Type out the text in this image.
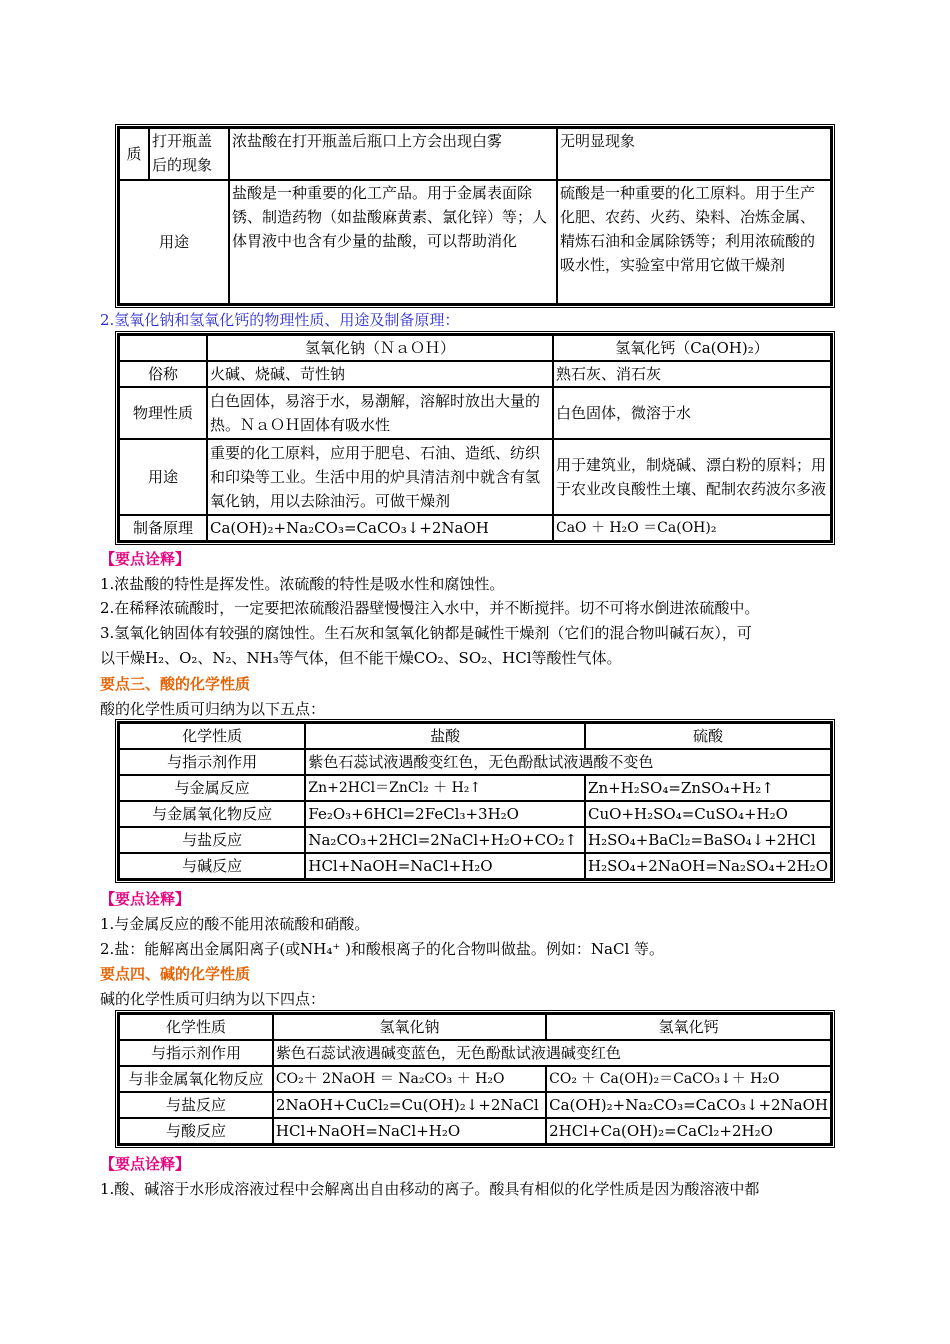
质	打开瓶盖后的现象	浓盐酸在打开瓶盖后瓶口上方会出现白雾	无明显现象
用途		盐酸是一种重要的化工产品。用于金属表面除锈、制造药物（如盐酸麻黄素、氯化锌）等；人体胃液中也含有少量的盐酸，可以帮助消化	硫酸是一种重要的化工原料。用于生产化肥、农药、火药、染料、冶炼金属、精炼石油和金属除锈等；利用浓硫酸的吸水性，实验室中常用它做干燥剂
2.氢氧化钠和氢氧化钙的物理性质、用途及制备原理：
	氢氧化钠（ＮａＯＨ）	氢氧化钙（Ca(OH)₂）
俗称	火碱、烧碱、苛性钠	熟石灰、消石灰
物理性质	白色固体，易溶于水，易潮解，溶解时放出大量的热。ＮａＯＨ固体有吸水性	白色固体，微溶于水
用途	重要的化工原料，应用于肥皂、石油、造纸、纺织和印染等工业。生活中用的炉具清洁剂中就含有氢氧化钠，用以去除油污。可做干燥剂	用于建筑业，制烧碱、漂白粉的原料；用于农业改良酸性土壤、配制农药波尔多液
制备原理	Ca(OH)₂+Na₂CO₃=CaCO₃↓+2NaOH	CaO ＋ H₂O ＝Ca(OH)₂
【要点诠释】
1.浓盐酸的特性是挥发性。浓硫酸的特性是吸水性和腐蚀性。
2.在稀释浓硫酸时，一定要把浓硫酸沿器壁慢慢注入水中，并不断搅拌。切不可将水倒进浓硫酸中。
3.氢氧化钠固体有较强的腐蚀性。生石灰和氢氧化钠都是碱性干燥剂（它们的混合物叫碱石灰），可
以干燥H₂、O₂、N₂、NH₃等气体，但不能干燥CO₂、SO₂、HCl等酸性气体。
要点三、酸的化学性质
酸的化学性质可归纳为以下五点：
化学性质	盐酸	硫酸
与指示剂作用	紫色石蕊试液遇酸变红色，无色酚酞试液遇酸不变色	
与金属反应	Zn+2HCl＝ZnCl₂ ＋ H₂↑	Zn+H₂SO₄=ZnSO₄+H₂↑
与金属氧化物反应	Fe₂O₃+6HCl=2FeCl₃+3H₂O	CuO+H₂SO₄=CuSO₄+H₂O
与盐反应	Na₂CO₃+2HCl=2NaCl+H₂O+CO₂↑	H₂SO₄+BaCl₂=BaSO₄↓+2HCl
与碱反应	HCl+NaOH=NaCl+H₂O	H₂SO₄+2NaOH=Na₂SO₄+2H₂O
【要点诠释】
1.与金属反应的酸不能用浓硫酸和硝酸。
2.盐：能解离出金属阳离子(或NH₄⁺ )和酸根离子的化合物叫做盐。例如：NaCl 等。
要点四、碱的化学性质
碱的化学性质可归纳为以下四点：
化学性质	氢氧化钠	氢氧化钙
与指示剂作用	紫色石蕊试液遇碱变蓝色，无色酚酞试液遇碱变红色	
与非金属氧化物反应	CO₂＋ 2NaOH ＝ Na₂CO₃ ＋ H₂O	CO₂ ＋ Ca(OH)₂＝CaCO₃↓＋ H₂O
与盐反应	2NaOH+CuCl₂=Cu(OH)₂↓+2NaCl	Ca(OH)₂+Na₂CO₃=CaCO₃↓+2NaOH
与酸反应	HCl+NaOH=NaCl+H₂O	2HCl+Ca(OH)₂=CaCl₂+2H₂O
【要点诠释】
1.酸、碱溶于水形成溶液过程中会解离出自由移动的离子。酸具有相似的化学性质是因为酸溶液中都
